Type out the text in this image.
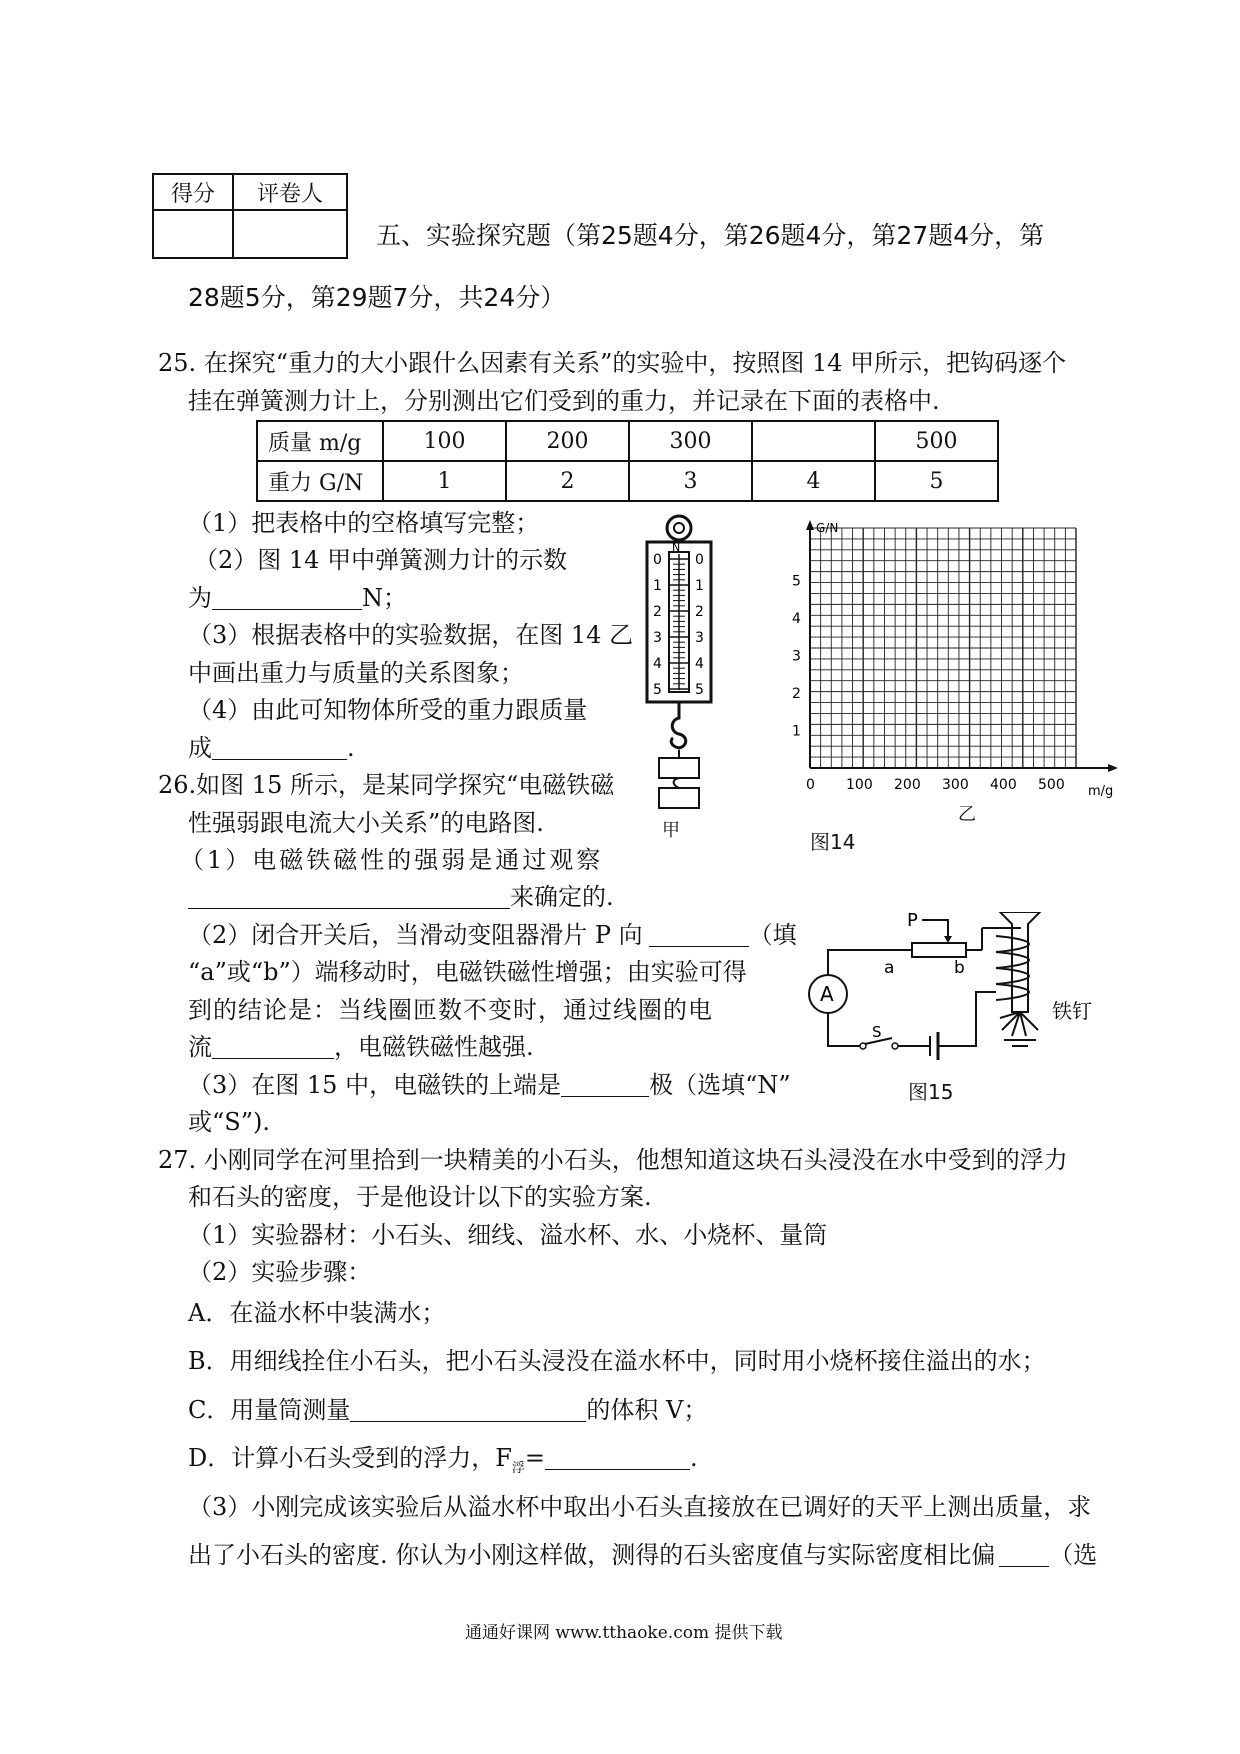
得分	评卷人

五、实验探究题（第25题4分，第26题4分，第27题4分，第
28题5分，第29题7分，共24分）
25. 在探究“重力的大小跟什么因素有关系”的实验中，按照图 14 甲所示，把钩码逐个
挂在弹簧测力计上，分别测出它们受到的重力，并记录在下面的表格中.
质量 m/g	100	200	300		500
重力 G/N	1	2	3	4	5
（1）把表格中的空格填写完整；
（2）图 14 甲中弹簧测力计的示数
为	N；
（3）根据表格中的实验数据，在图 14 乙
中画出重力与质量的关系图象；
（4）由此可知物体所受的重力跟质量
成	.
N
0 0
1 1
2 2
3 3
4 4
5 5
甲
G/N
m/g
1
2
3
4
5
0 100 200 300 400 500
乙
图14
26.如图 15 所示，是某同学探究“电磁铁磁
性强弱跟电流大小关系”的电路图.
（1）电磁铁磁性的强弱是通过观察
来确定的.
（2）闭合开关后，当滑动变阻器滑片 P 向	（填
“a”或“b”）端移动时，电磁铁磁性增强；由实验可得
到的结论是：当线圈匝数不变时，通过线圈的电
流	，电磁铁磁性越强.
（3）在图 15 中，电磁铁的上端是	极（选填“N”
或“S”).
P
a	b
A
S
铁钉
图15
27. 小刚同学在河里拾到一块精美的小石头，他想知道这块石头浸没在水中受到的浮力
和石头的密度，于是他设计以下的实验方案.
（1）实验器材：小石头、细线、溢水杯、水、小烧杯、量筒
（2）实验步骤：
A．在溢水杯中装满水；
B．用细线拴住小石头，把小石头浸没在溢水杯中，同时用小烧杯接住溢出的水；
C．用量筒测量	的体积 V；
D．计算小石头受到的浮力，$F_浮=$	.
（3）小刚完成该实验后从溢水杯中取出小石头直接放在已调好的天平上测出质量，求
出了小石头的密度. 你认为小刚这样做，测得的石头密度值与实际密度相比偏 （选
通通好课网 www.tthaoke.com 提供下载
